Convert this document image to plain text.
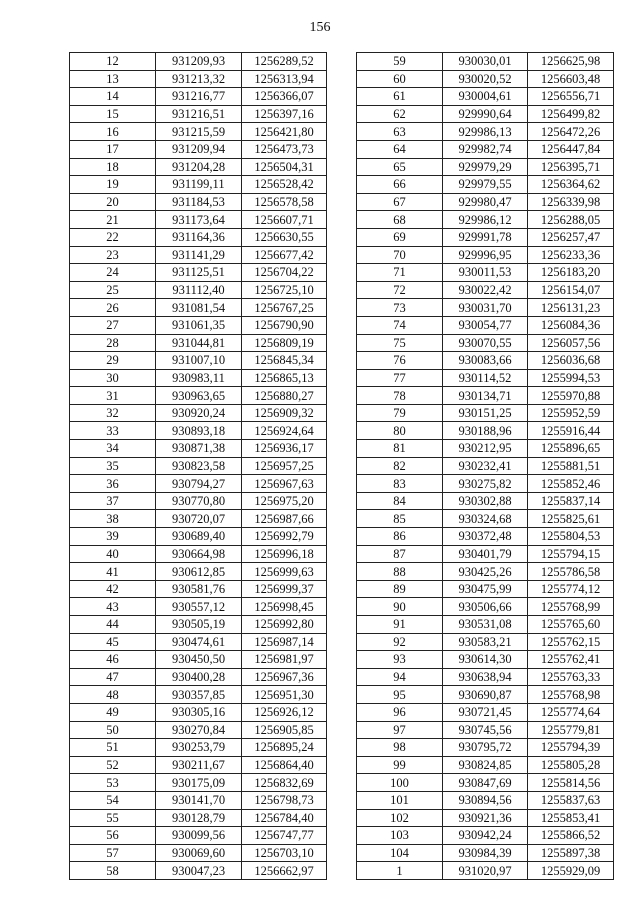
156
12	931209,93	1256289,52
13	931213,32	1256313,94
14	931216,77	1256366,07
15	931216,51	1256397,16
16	931215,59	1256421,80
17	931209,94	1256473,73
18	931204,28	1256504,31
19	931199,11	1256528,42
20	931184,53	1256578,58
21	931173,64	1256607,71
22	931164,36	1256630,55
23	931141,29	1256677,42
24	931125,51	1256704,22
25	931112,40	1256725,10
26	931081,54	1256767,25
27	931061,35	1256790,90
28	931044,81	1256809,19
29	931007,10	1256845,34
30	930983,11	1256865,13
31	930963,65	1256880,27
32	930920,24	1256909,32
33	930893,18	1256924,64
34	930871,38	1256936,17
35	930823,58	1256957,25
36	930794,27	1256967,63
37	930770,80	1256975,20
38	930720,07	1256987,66
39	930689,40	1256992,79
40	930664,98	1256996,18
41	930612,85	1256999,63
42	930581,76	1256999,37
43	930557,12	1256998,45
44	930505,19	1256992,80
45	930474,61	1256987,14
46	930450,50	1256981,97
47	930400,28	1256967,36
48	930357,85	1256951,30
49	930305,16	1256926,12
50	930270,84	1256905,85
51	930253,79	1256895,24
52	930211,67	1256864,40
53	930175,09	1256832,69
54	930141,70	1256798,73
55	930128,79	1256784,40
56	930099,56	1256747,77
57	930069,60	1256703,10
58	930047,23	1256662,97
59	930030,01	1256625,98
60	930020,52	1256603,48
61	930004,61	1256556,71
62	929990,64	1256499,82
63	929986,13	1256472,26
64	929982,74	1256447,84
65	929979,29	1256395,71
66	929979,55	1256364,62
67	929980,47	1256339,98
68	929986,12	1256288,05
69	929991,78	1256257,47
70	929996,95	1256233,36
71	930011,53	1256183,20
72	930022,42	1256154,07
73	930031,70	1256131,23
74	930054,77	1256084,36
75	930070,55	1256057,56
76	930083,66	1256036,68
77	930114,52	1255994,53
78	930134,71	1255970,88
79	930151,25	1255952,59
80	930188,96	1255916,44
81	930212,95	1255896,65
82	930232,41	1255881,51
83	930275,82	1255852,46
84	930302,88	1255837,14
85	930324,68	1255825,61
86	930372,48	1255804,53
87	930401,79	1255794,15
88	930425,26	1255786,58
89	930475,99	1255774,12
90	930506,66	1255768,99
91	930531,08	1255765,60
92	930583,21	1255762,15
93	930614,30	1255762,41
94	930638,94	1255763,33
95	930690,87	1255768,98
96	930721,45	1255774,64
97	930745,56	1255779,81
98	930795,72	1255794,39
99	930824,85	1255805,28
100	930847,69	1255814,56
101	930894,56	1255837,63
102	930921,36	1255853,41
103	930942,24	1255866,52
104	930984,39	1255897,38
1	931020,97	1255929,09
